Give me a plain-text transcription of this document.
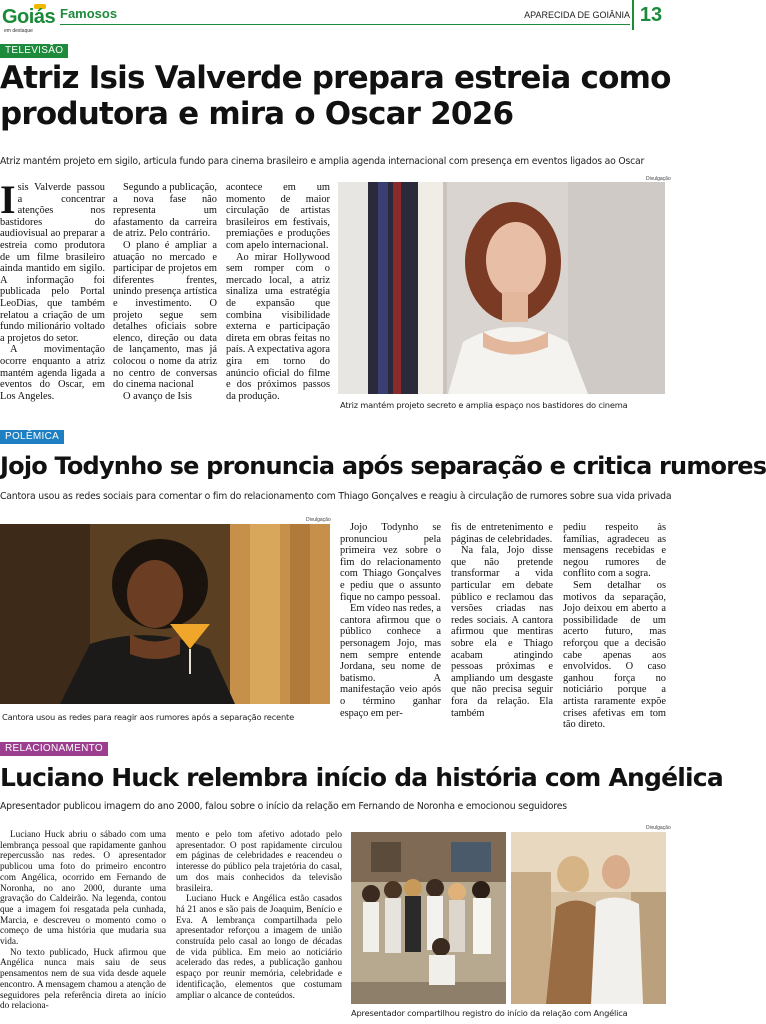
Goiás
em destaque
Famosos	APARECIDA DE GOIÂNIA 13
TELEVISÃO
Atriz Isis Valverde prepara estreia como
produtora e mira o Oscar 2026
Atriz mantém projeto em sigilo, articula fundo para cinema brasileiro e amplia agenda internacional com presença em eventos ligados ao Oscar
Isis Valverde passou a concentrar atenções nos bastidores do audiovisual ao preparar a estreia como produtora de um filme brasileiro ainda mantido em sigilo. A informação foi publicada pelo Portal LeoDias, que também relatou a criação de um fundo milionário voltado a projetos do setor.

A movimentação ocorre enquanto a atriz mantém agenda ligada a eventos do Oscar, em Los Angeles.

Segundo a publicação, a nova fase não representa um afastamento da carreira de atriz. Pelo contrário.

O plano é ampliar a atuação no mercado e participar de projetos em diferentes frentes, unindo presença artística e investimento. O projeto segue sem detalhes oficiais sobre elenco, direção ou data de lançamento, mas já colocou o nome da atriz no centro de conversas do cinema nacional

O avanço de Isis

acontece em um momento de maior circulação de artistas brasileiros em festivais, premiações e produções com apelo internacional.

Ao mirar Hollywood sem romper com o mercado local, a atriz sinaliza uma estratégia de expansão que combina visibilidade externa e participação direta em obras feitas no país. A expectativa agora gira em torno do anúncio oficial do filme e dos próximos passos da produção.

Divulgação
Atriz mantém projeto secreto e amplia espaço nos bastidores do cinema
POLÊMICA
Jojo Todynho se pronuncia após separação e critica rumores
Cantora usou as redes sociais para comentar o fim do relacionamento com Thiago Gonçalves e reagiu à circulação de rumores sobre sua vida privada
Divulgação
Cantora usou as redes para reagir aos rumores após a separação recente

Jojo Todynho se pronunciou pela primeira vez sobre o fim do relacionamento com Thiago Gonçalves e pediu que o assunto fique no campo pessoal.

Em vídeo nas redes, a cantora afirmou que o público conhece a personagem Jojo, mas nem sempre entende Jordana, seu nome de batismo. A manifestação veio após o término ganhar espaço em per-

fis de entretenimento e páginas de celebridades.

Na fala, Jojo disse que não pretende transformar a vida particular em debate público e reclamou das versões criadas nas redes sociais. A cantora afirmou que mentiras sobre ela e Thiago acabam atingindo pessoas próximas e ampliando um desgaste que não precisa seguir fora da relação. Ela também

pediu respeito às famílias, agradeceu as mensagens recebidas e negou rumores de conflito com a sogra.

Sem detalhar os motivos da separação, Jojo deixou em aberto a possibilidade de um acerto futuro, mas reforçou que a decisão cabe apenas aos envolvidos. O caso ganhou força no noticiário porque a artista raramente expõe crises afetivas em tom tão direto.

RELACIONAMENTO
Luciano Huck relembra início da história com Angélica
Apresentador publicou imagem do ano 2000, falou sobre o início da relação em Fernando de Noronha e emocionou seguidores

Luciano Huck abriu o sábado com uma lembrança pessoal que rapidamente ganhou repercussão nas redes. O apresentador publicou uma foto do primeiro encontro com Angélica, ocorrido em Fernando de Noronha, no ano 2000, durante uma gravação do Caldeirão. Na legenda, contou que a imagem foi resgatada pela cunhada, Marcia, e descreveu o momento como o começo de uma história que mudaria sua vida.

No texto publicado, Huck afirmou que Angélica nunca mais saiu de seus pensamentos nem de sua vida desde aquele encontro. A mensagem chamou a atenção de seguidores pela referência direta ao início do relaciona-

mento e pelo tom afetivo adotado pelo apresentador. O post rapidamente circulou em páginas de celebridades e reacendeu o interesse do público pela trajetória do casal, um dos mais conhecidos da televisão brasileira.

Luciano Huck e Angélica estão casados há 21 anos e são pais de Joaquim, Benício e Eva. A lembrança compartilhada pelo apresentador reforçou a imagem de união construída pelo casal ao longo de décadas de vida pública. Em meio ao noticiário acelerado das redes, a publicação ganhou espaço por reunir memória, celebridade e identificação, elementos que costumam ampliar o alcance de conteúdos.

Divulgação
Apresentador compartilhou registro do início da relação com Angélica
